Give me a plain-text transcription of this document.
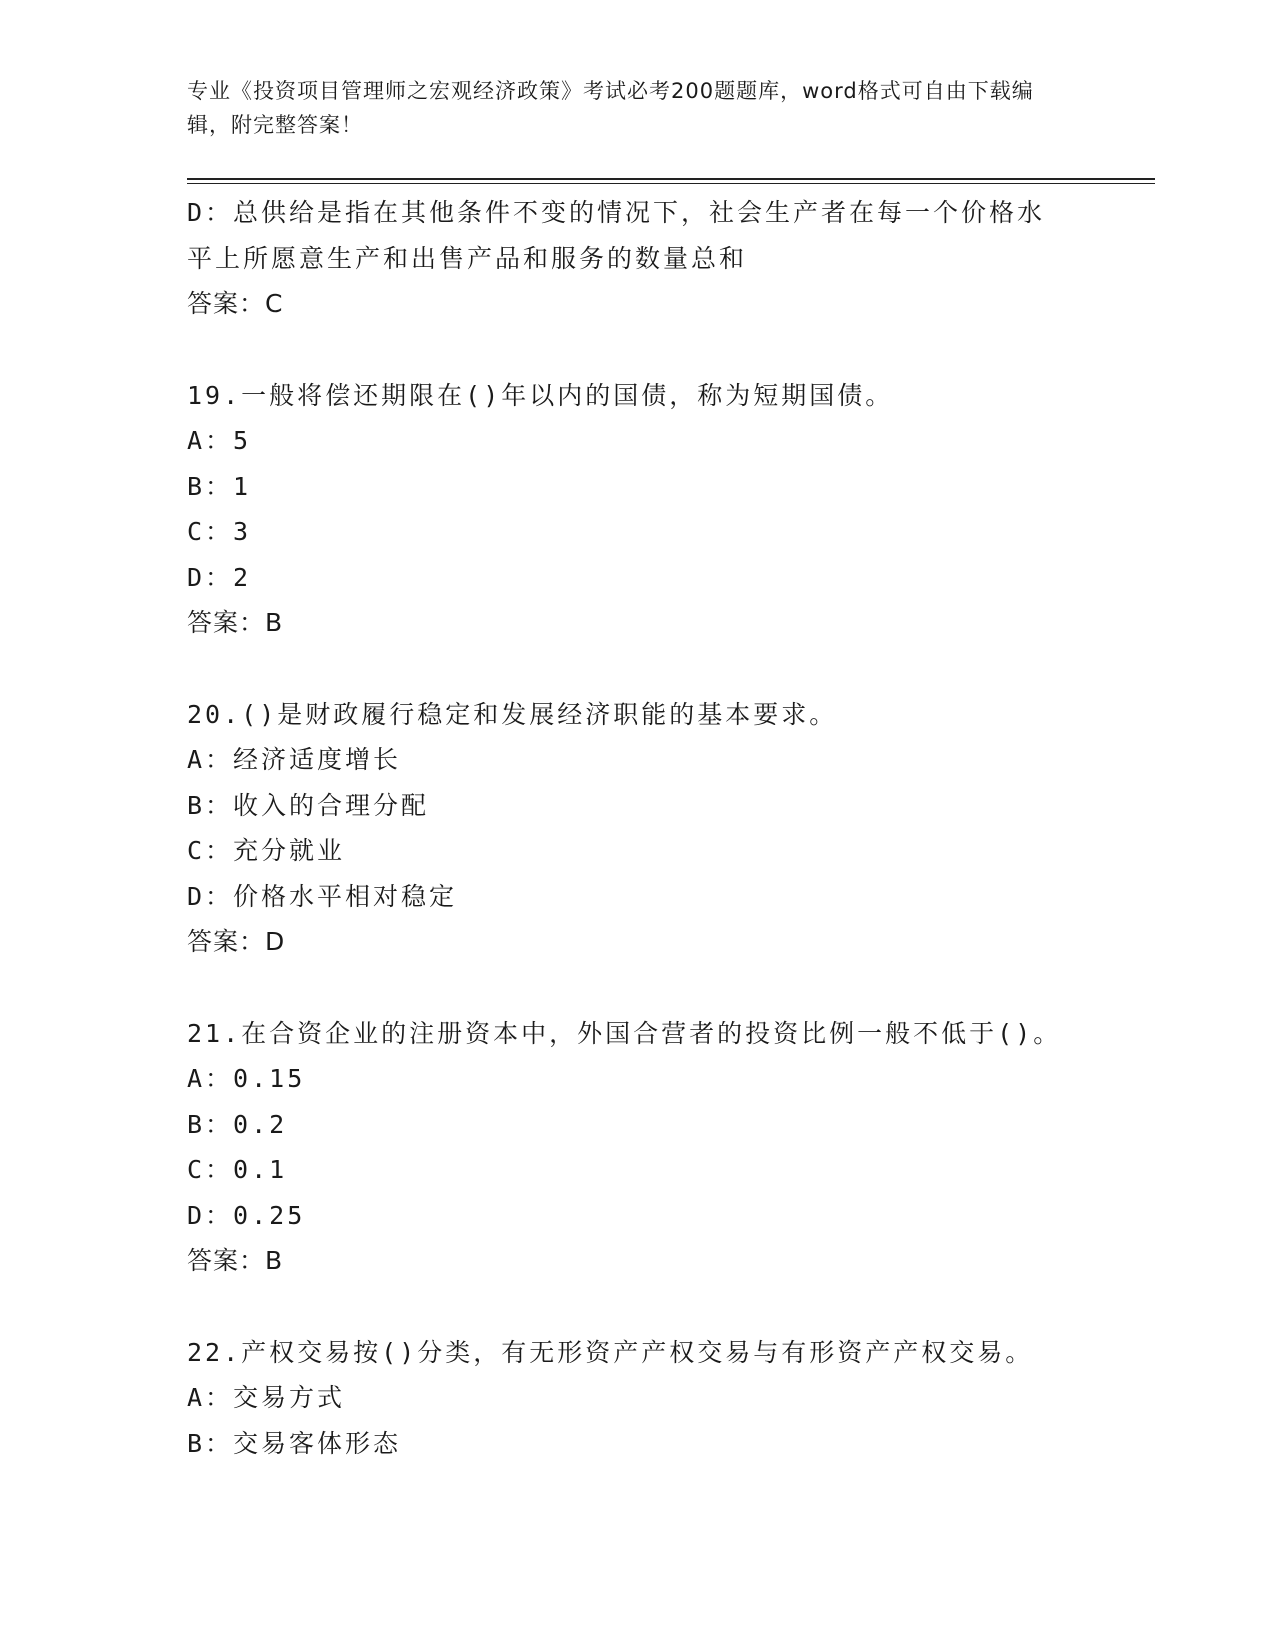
专业《投资项目管理师之宏观经济政策》考试必考200题题库，word格式可自由下载编辑，附完整答案！
D：总供给是指在其他条件不变的情况下，社会生产者在每一个价格水平上所愿意生产和出售产品和服务的数量总和
答案：C
19.一般将偿还期限在()年以内的国债，称为短期国债。
A：5
B：1
C：3
D：2
答案：B
20.()是财政履行稳定和发展经济职能的基本要求。
A：经济适度增长
B：收入的合理分配
C：充分就业
D：价格水平相对稳定
答案：D
21.在合资企业的注册资本中，外国合营者的投资比例一般不低于()。
A：0.15
B：0.2
C：0.1
D：0.25
答案：B
22.产权交易按()分类，有无形资产产权交易与有形资产产权交易。
A：交易方式
B：交易客体形态
